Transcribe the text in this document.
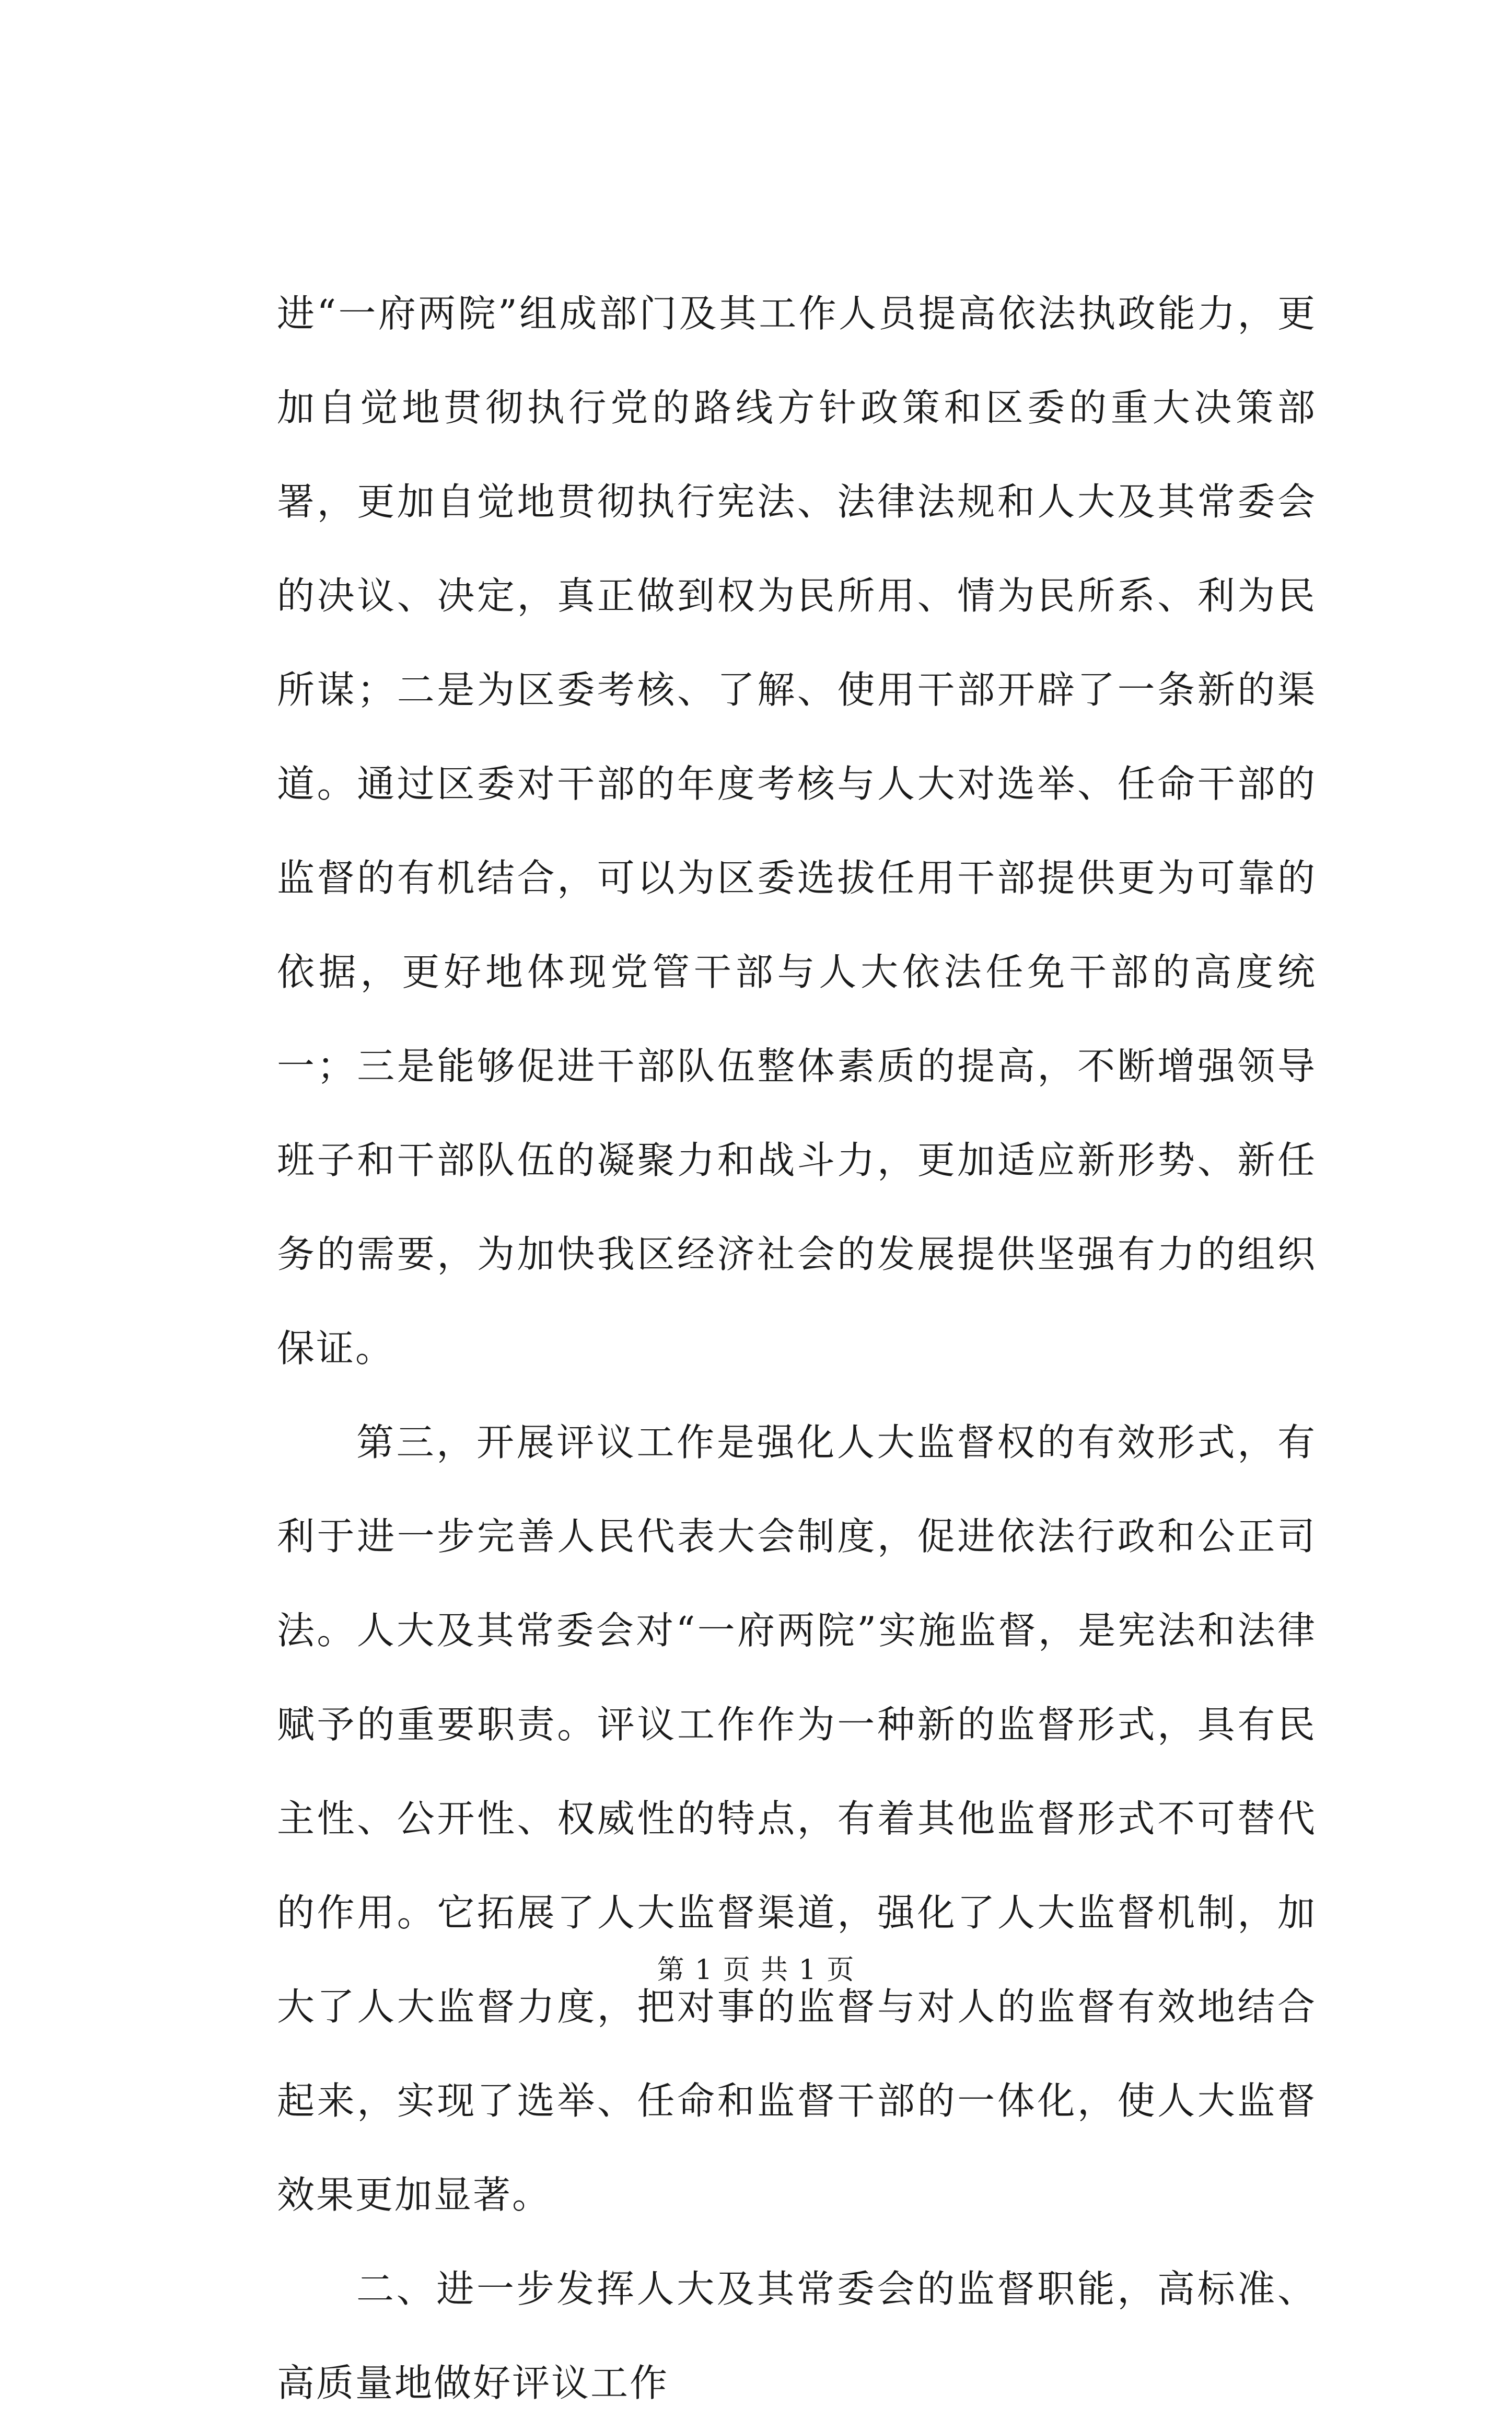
进“一府两院”组成部门及其工作人员提高依法执政能力，更加自觉地贯彻执行党的路线方针政策和区委的重大决策部署，更加自觉地贯彻执行宪法、法律法规和人大及其常委会的决议、决定，真正做到权为民所用、情为民所系、利为民所谋；二是为区委考核、了解、使用干部开辟了一条新的渠道。通过区委对干部的年度考核与人大对选举、任命干部的监督的有机结合，可以为区委选拔任用干部提供更为可靠的依据，更好地体现党管干部与人大依法任免干部的高度统一；三是能够促进干部队伍整体素质的提高，不断增强领导班子和干部队伍的凝聚力和战斗力，更加适应新形势、新任务的需要，为加快我区经济社会的发展提供坚强有力的组织保证。

第三，开展评议工作是强化人大监督权的有效形式，有利于进一步完善人民代表大会制度，促进依法行政和公正司法。人大及其常委会对“一府两院”实施监督，是宪法和法律赋予的重要职责。评议工作作为一种新的监督形式，具有民主性、公开性、权威性的特点，有着其他监督形式不可替代的作用。它拓展了人大监督渠道，强化了人大监督机制，加大了人大监督力度，把对事的监督与对人的监督有效地结合起来，实现了选举、任命和监督干部的一体化，使人大监督效果更加显著。

二、进一步发挥人大及其常委会的监督职能，高标准、高质量地做好评议工作

第 1 页 共 1 页
